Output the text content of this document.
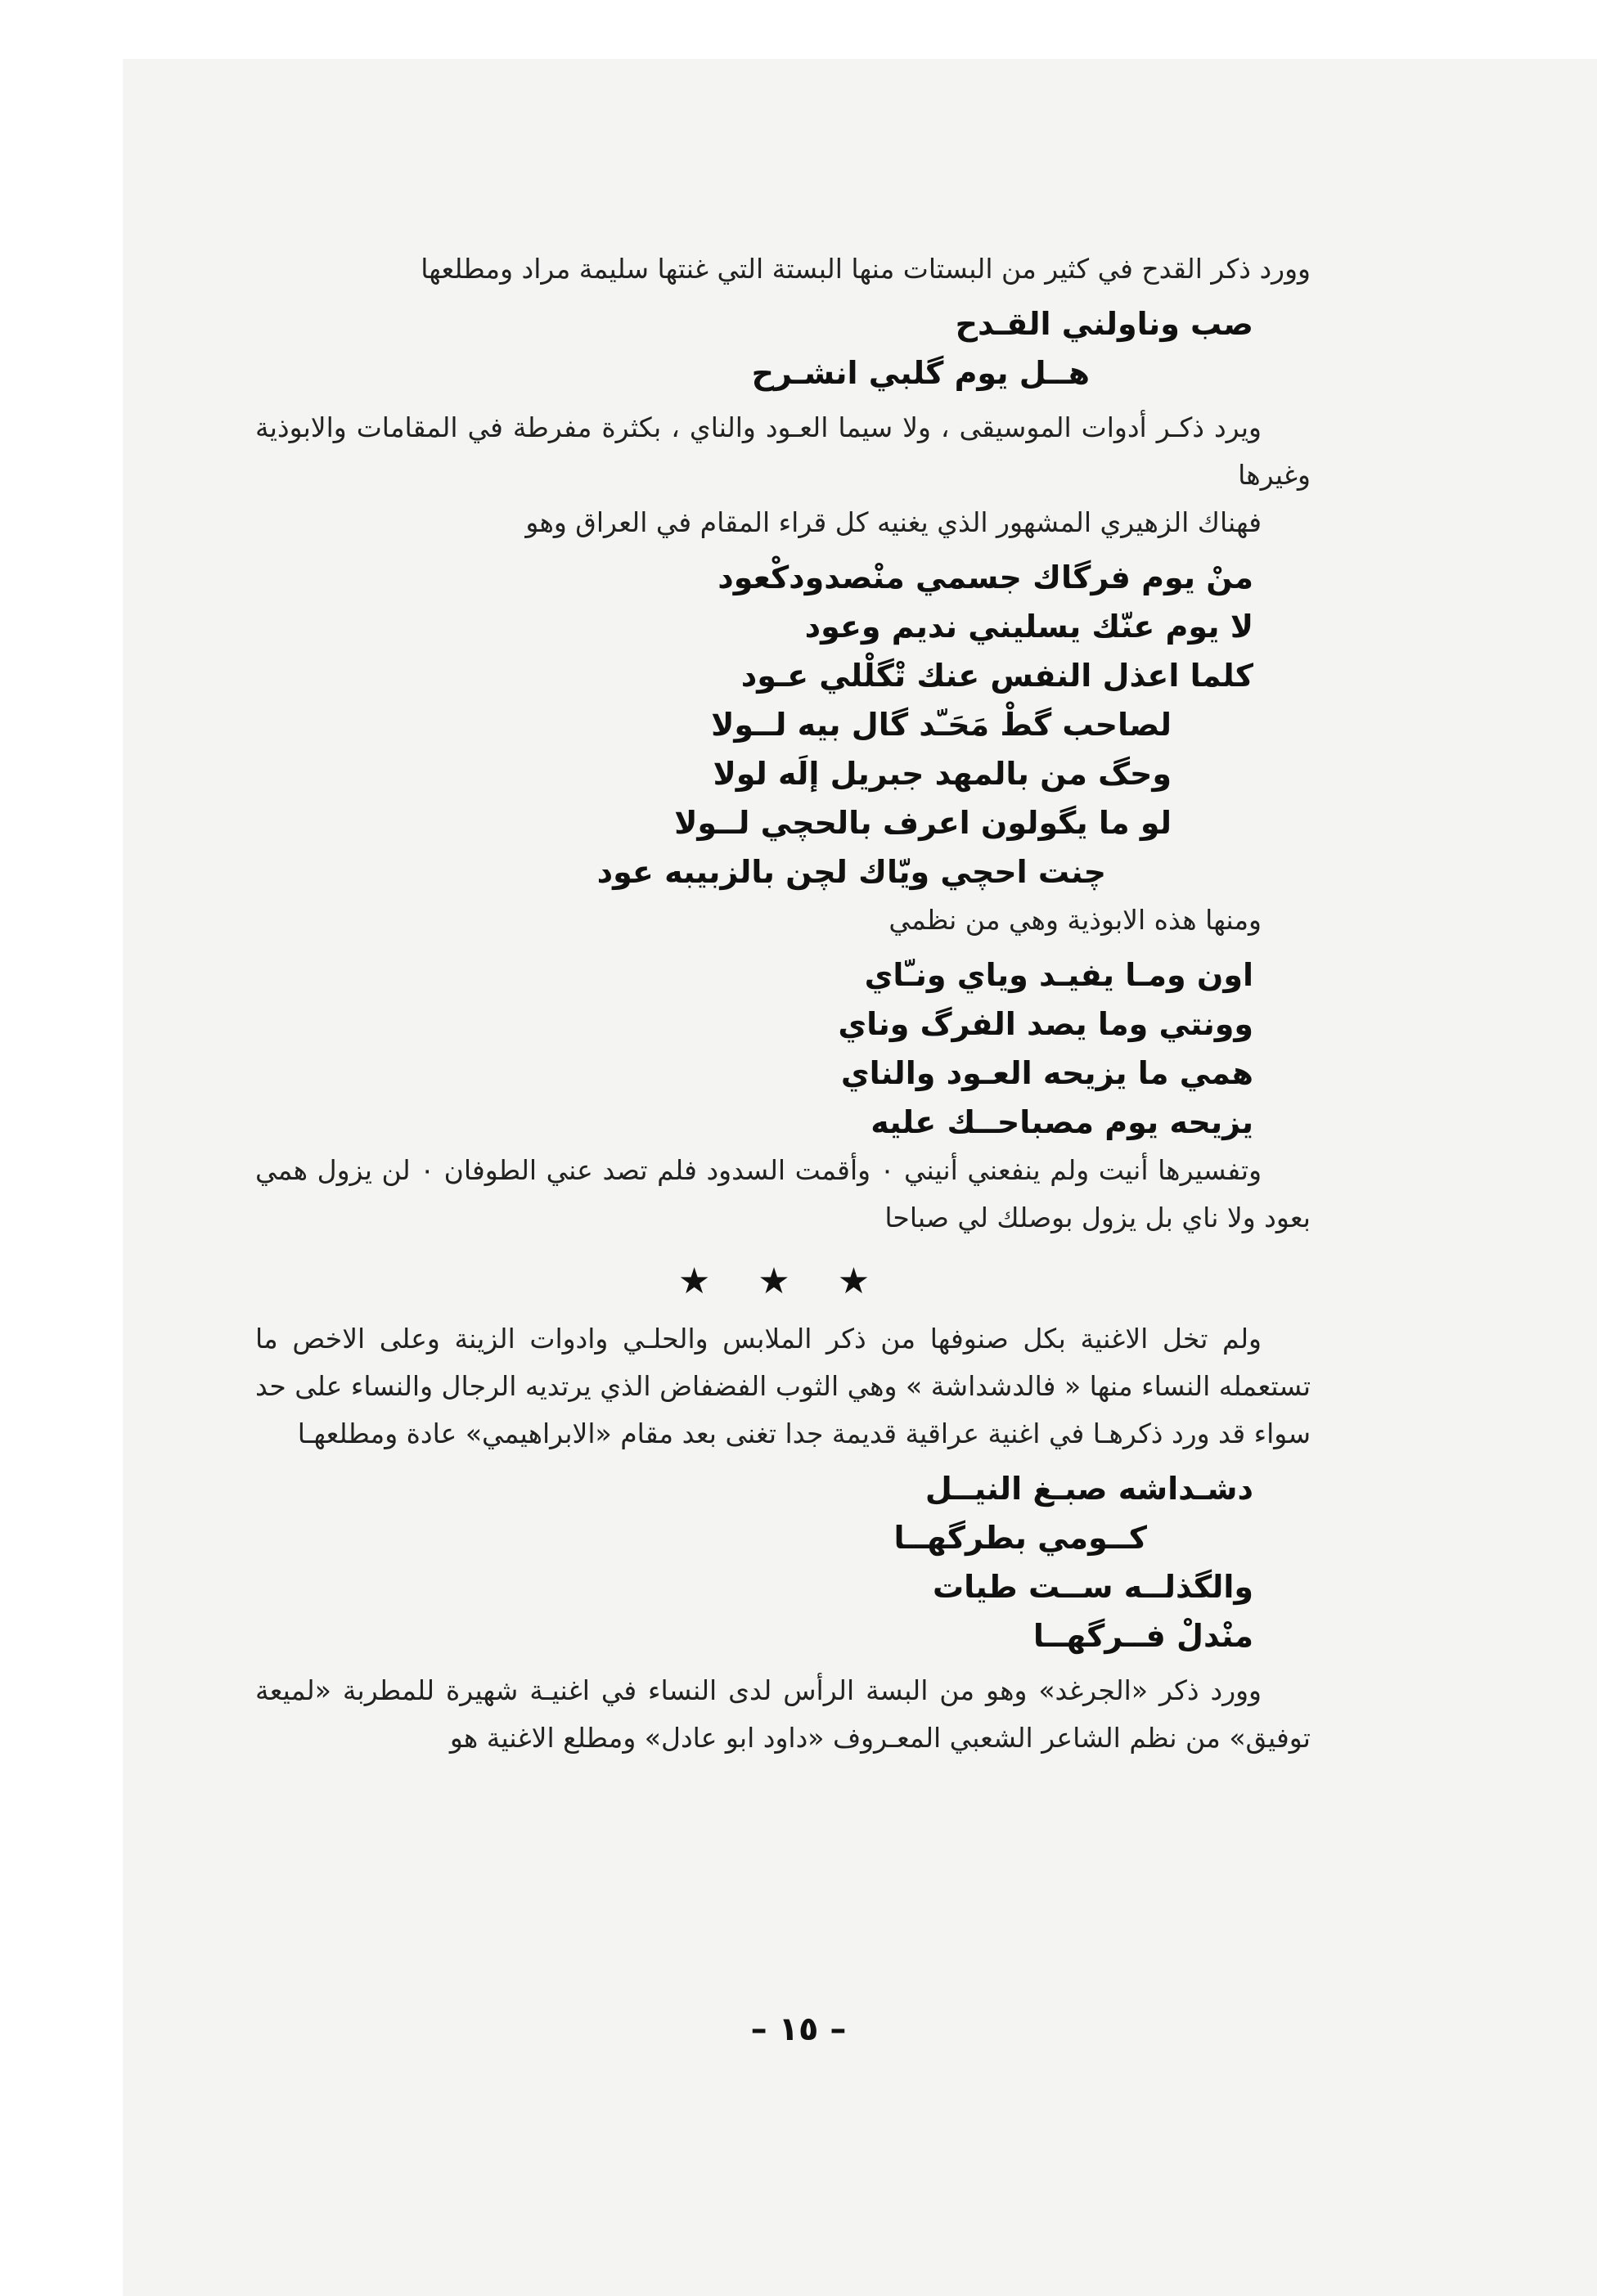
وورد ذكر القدح في كثير من البستات منها البستة التي غنتها سليمة مراد ومطلعها

صب وناولني القـدح

هــل يوم گلبي انشـرح

ويرد ذكـر أدوات الموسيقى ، ولا سيما العـود والناي ، بكثرة مفرطة في المقامات والابوذية وغيرها

فهناك الزهيري المشهور الذي يغنيه كل قراء المقام في العراق وهو

منْ يوم فرگاك جسمي منْصدودكْعود

لا يوم عنّك يسليني نديم وعود

كلما اعذل النفس عنك تْگلْلي عـود

لصاحب گطْ مَحَـّد گال بيه لــولا

وحگ من بالمهد جبريل إلَه لولا

لو ما يگولون اعرف بالحچي لــولا

چنت احچي ويّاك لچن بالزبيبه عود

ومنها هذه الابوذية وهي من نظمي

اون ومـا يفيـد وياي ونـّاي

وونتي وما يصد الفرگ وناي

همي ما يزيحه العـود والناي

يزيحه يوم مصباحــك عليه

وتفسيرها أنيت ولم ينفعني أنيني ٠ وأقمت السدود فلم تصد عني الطوفان ٠ لن يزول همي بعود ولا ناي بل يزول بوصلك لي صباحا

★ ★ ★

ولم تخل الاغنية بكل صنوفها من ذكر الملابس والحلـي وادوات الزينة وعلى الاخص ما تستعمله النساء منها « فالدشداشة » وهي الثوب الفضفاض الذي يرتديه الرجال والنساء على حد سواء قد ورد ذكرهـا في اغنية عراقية قديمة جدا تغنى بعد مقام «الابراهيمي» عادة ومطلعهـا

دشـداشه صبـغ النيــل

كــومي بطرگهــا

والگذلــه ســت طيات

منْدلْ فــرگهــا

وورد ذكر «الجرغد» وهو من البسة الرأس لدى النساء في اغنيـة شهيرة للمطربة «لميعة توفيق» من نظم الشاعر الشعبي المعـروف «داود ابو عادل» ومطلع الاغنية هو

– ١٥ –
